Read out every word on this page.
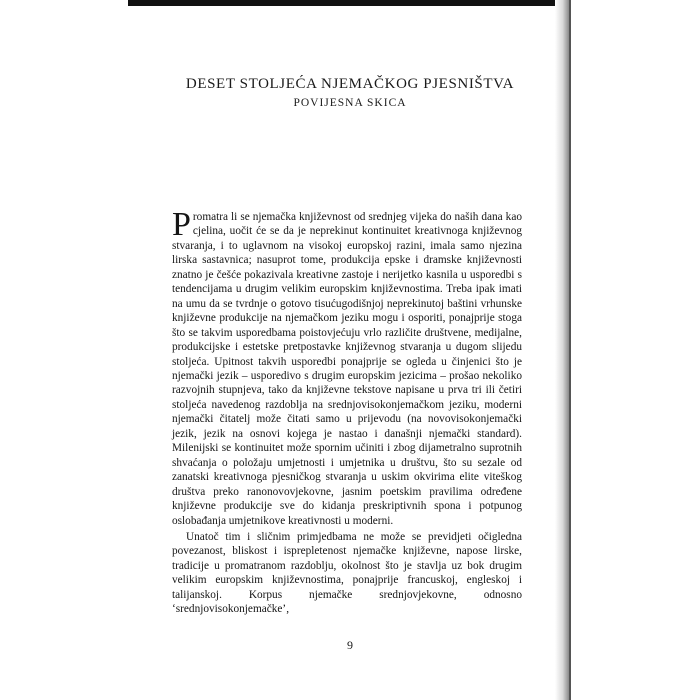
DESET STOLJEĆA NJEMAČKOG PJESNIŠTVA
POVIJESNA SKICA

Promatra li se njemačka književnost od srednjeg vijeka do naših dana kao cjelina, uočit će se da je neprekinut kontinuitet kreativnoga književnog stvaranja, i to uglavnom na visokoj europskoj razini, imala samo njezina lirska sastavnica; nasuprot tome, produkcija epske i dramske književnosti znatno je češće pokazivala kreativne zastoje i nerijetko kasnila u usporedbi s tendencijama u drugim velikim europskim književnostima. Treba ipak imati na umu da se tvrdnje o gotovo tisućugodišnjoj neprekinutoj baštini vrhunske književne produkcije na njemačkom jeziku mogu i osporiti, ponajprije stoga što se takvim usporedbama poistovjećuju vrlo različite društvene, medijalne, produkcijske i estetske pretpostavke književnog stvaranja u dugom slijedu stoljeća. Upitnost takvih usporedbi ponajprije se ogleda u činjenici što je njemački jezik – usporedivo s drugim europskim jezicima – prošao nekoliko razvojnih stupnjeva, tako da književne tekstove napisane u prva tri ili četiri stoljeća navedenog razdoblja na srednjovisokonjemačkom jeziku, moderni njemački čitatelj može čitati samo u prijevodu (na novovisokonjemački jezik, jezik na osnovi kojega je nastao i današnji njemački standard). Milenijski se kontinuitet može spornim učiniti i zbog dijametralno suprotnih shvaćanja o položaju umjetnosti i umjetnika u društvu, što su sezale od zanatski kreativnoga pjesničkog stvaranja u uskim okvirima elite viteškog društva preko ranonovovjekovne, jasnim poetskim pravilima određene književne produkcije sve do kidanja preskriptivnih spona i potpunog oslobađanja umjetnikove kreativnosti u moderni.

Unatoč tim i sličnim primjedbama ne može se previdjeti očigledna povezanost, bliskost i isprepletenost njemačke književne, napose lirske, tradicije u promatranom razdoblju, okolnost što je stavlja uz bok drugim velikim europskim književnostima, ponajprije francuskoj, engleskoj i talijanskoj. Korpus njemačke srednjovjekovne, odnosno ‘srednjovisokonjemačke’,

9
